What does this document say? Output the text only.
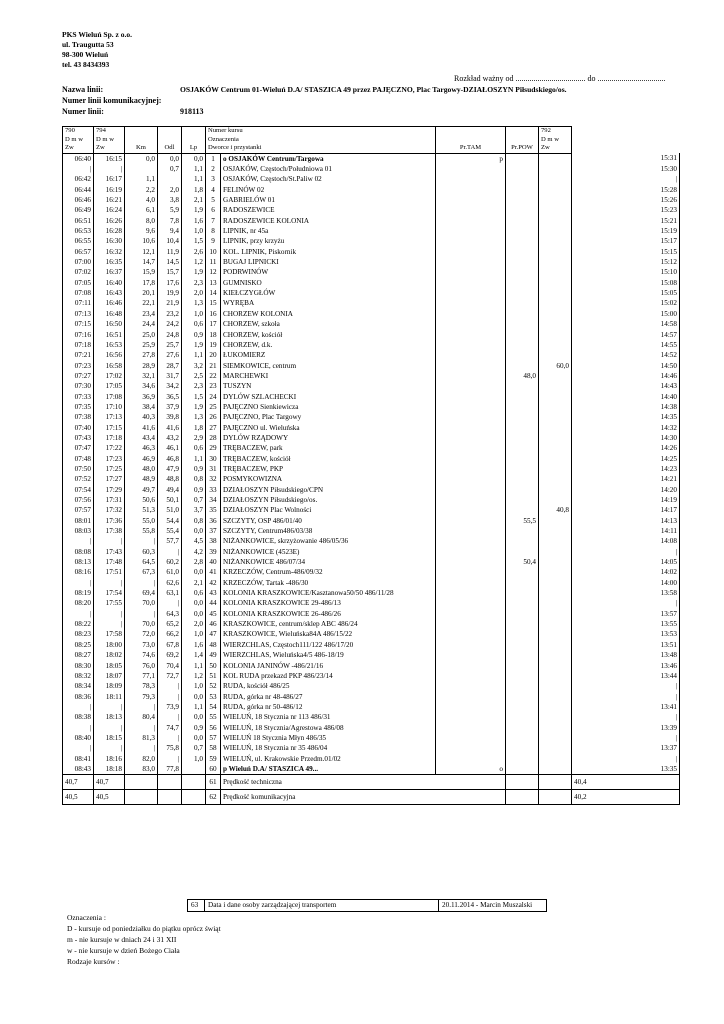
PKS Wieluń Sp. z o.o.
ul. Traugutta 53
98-300 Wieluń
tel. 43 8434393
Rozkład ważny od ................................... do ..................................
Nazwa linii:	OSJAKÓW Centrum 01-Wieluń D.A/ STASZICA 49 przez PAJĘCZNO, Plac Targowy-DZIAŁOSZYN Piłsudskiego/os.
Numer linii komunikacyjnej:
Numer linii:	918113
790	794				Numer kursu				792	
D m w	D m w				Oznaczenia				D m w	
Zw	Zw	Km	Odl	Lp	Dworce i przystanki		Pr.TAM	Pr.POW	Zw	
06:40	16:15	0,0	0,0	0,0	1	o OSJAKÓW Centrum/Targowa	p			15:31
|	|		0,7	1,1	2	OSJAKÓW, Częstoch/Południowa 01				15:30
06:42	16:17	1,1		1,1	3	OSJAKÓW, Częstoch/St.Paliw 02				|
06:44	16:19	2,2	2,0	1,8	4	FELINÓW 02				15:28
06:46	16:21	4,0	3,8	2,1	5	GABRIELÓW 01				15:26
06:49	16:24	6,1	5,9	1,9	6	RADOSZEWICE				15:23
06:51	16:26	8,0	7,8	1,6	7	RADOSZEWICE KOLONIA				15:21
06:53	16:28	9,6	9,4	1,0	8	LIPNIK, nr 45a				15:19
06:55	16:30	10,6	10,4	1,5	9	LIPNIK, przy krzyżu				15:17
06:57	16:32	12,1	11,9	2,6	10	KOL. LIPNIK, Piskornik				15:15
07:00	16:35	14,7	14,5	1,2	11	BUGAJ LIPNICKI				15:12
07:02	16:37	15,9	15,7	1,9	12	PODRWINÓW				15:10
07:05	16:40	17,8	17,6	2,3	13	GUMNISKO				15:08
07:08	16:43	20,1	19,9	2,0	14	KIEŁCZYGŁÓW				15:05
07:11	16:46	22,1	21,9	1,3	15	WYRĘBA				15:02
07:13	16:48	23,4	23,2	1,0	16	CHORZEW KOLONIA				15:00
07:15	16:50	24,4	24,2	0,6	17	CHORZEW, szkoła				14:58
07:16	16:51	25,0	24,8	0,9	18	CHORZEW, kościół				14:57
07:18	16:53	25,9	25,7	1,9	19	CHORZEW, d.k.				14:55
07:21	16:56	27,8	27,6	1,1	20	ŁUKOMIERZ				14:52
07:23	16:58	28,9	28,7	3,2	21	SIEMKOWICE, centrum			60,0	14:50
07:27	17:02	32,1	31,7	2,5	22	MARCHEWKI		48,0		14:46
07:30	17:05	34,6	34,2	2,3	23	TUSZYN				14:43
07:33	17:08	36,9	36,5	1,5	24	DYLÓW SZLACHECKI				14:40
07:35	17:10	38,4	37,9	1,9	25	PAJĘCZNO Sienkiewicza				14:38
07:38	17:13	40,3	39,8	1,3	26	PAJĘCZNO, Plac Targowy				14:35
07:40	17:15	41,6	41,6	1,8	27	PAJĘCZNO ul. Wieluńska				14:32
07:43	17:18	43,4	43,2	2,9	28	DYLÓW RZĄDOWY				14:30
07:47	17:22	46,3	46,1	0,6	29	TRĘBACZEW, park				14:26
07:48	17:23	46,9	46,8	1,1	30	TRĘBACZEW, kościół				14:25
07:50	17:25	48,0	47,9	0,9	31	TRĘBACZEW, PKP				14:23
07:52	17:27	48,9	48,8	0,8	32	POSMYKOWIZNA				14:21
07:54	17:29	49,7	49,4	0,9	33	DZIAŁOSZYN Piłsudskiego/CPN				14:20
07:56	17:31	50,6	50,1	0,7	34	DZIAŁOSZYN Piłsudskiego/os.				14:19
07:57	17:32	51,3	51,0	3,7	35	DZIAŁOSZYN Plac Wolności			40,8	14:17
08:01	17:36	55,0	54,4	0,8	36	SZCZYTY, OSP 486/01/40		55,5		14:13
08:03	17:38	55,8	55,4	0,0	37	SZCZYTY, Centrum486/03/38				14:11
|	|	|	57,7	4,5	38	NIŻANKOWICE, skrzyżowanie 486/05/36				14:08
08:08	17:43	60,3	|	4,2	39	NIŻANKOWICE (4523E)				|
08:13	17:48	64,5	60,2	2,8	40	NIŻANKOWICE 486/07/34		50,4		14:05
08:16	17:51	67,3	61,0	0,0	41	KRZECZÓW, Centrum-486/09/32				14:02
|	|	|	62,6	2,1	42	KRZECZÓW, Tartak -486/30				14:00
08:19	17:54	69,4	63,1	0,6	43	KOLONIA KRASZKOWICE/Kasztanowa50/50 486/11/28				13:58
08:20	17:55	70,0	|	0,0	44	KOLONIA KRASZKOWICE 29-486/13				|
|	|	|	64,3	0,0	45	KOLONIA KRASZKOWICE 26-486/26				13:57
08:22	|	70,0	65,2	2,0	46	KRASZKOWICE, centrum/sklep ABC 486/24				13:55
08:23	17:58	72,0	66,2	1,0	47	KRASZKOWICE, Wieluńska84A 486/15/22				13:53
08:25	18:00	73,0	67,8	1,6	48	WIERZCHLAS, Częstoch111/122 486/17/20				13:51
08:27	18:02	74,6	69,2	1,4	49	WIERZCHLAS, Wieluńska4/5 486-18/19				13:48
08:30	18:05	76,0	70,4	1,1	50	KOLONIA JANINÓW -486/21/16				13:46
08:32	18:07	77,1	72,7	1,2	51	KOL RUDA przekazd PKP 486/23/14				13:44
08:34	18:09	78,3	|	1,0	52	RUDA, kościół 486/25				|
08:36	18:11	79,3	|	0,0	53	RUDA, górka nr 48-486/27				|
|	|	|	73,9	1,1	54	RUDA, górka nr 50-486/12				13:41
08:38	18:13	80,4	|	0,0	55	WIELUŃ, 18 Stycznia nr 113 486/31				|
|	|	|	74,7	0,9	56	WIELUŃ, 18 Stycznia/Agrestowa 486/08				13:39
08:40	18:15	81,3	|	0,0	57	WIELUŃ 18 Stycznia Młyn 486/35				|
|	|	|	75,8	0,7	58	WIELUŃ, 18 Stycznia nr 35 486/04				13:37
08:41	18:16	82,0	|	1,0	59	WIELUŃ, ul. Krakowskie Przedm.01/02				|
08:43	18:18	83,0	77,8		60	p Wieluń D.A/ STASZICA 49...	o			13:35
40,7	40,7				61	Prędkość techniczna				40,4
40,5	40,5				62	Prędkość komunikacyjna				40,2
63	Data i dane osoby zarządzającej transportem	20.11.2014 - Marcin Muszalski
Oznaczenia :
D - kursuje od poniedziałku do piątku oprócz świąt
m - nie kursuje w dniach 24 i 31 XII
w - nie kursuje w dzień Bożego Ciała
Rodzaje kursów :
